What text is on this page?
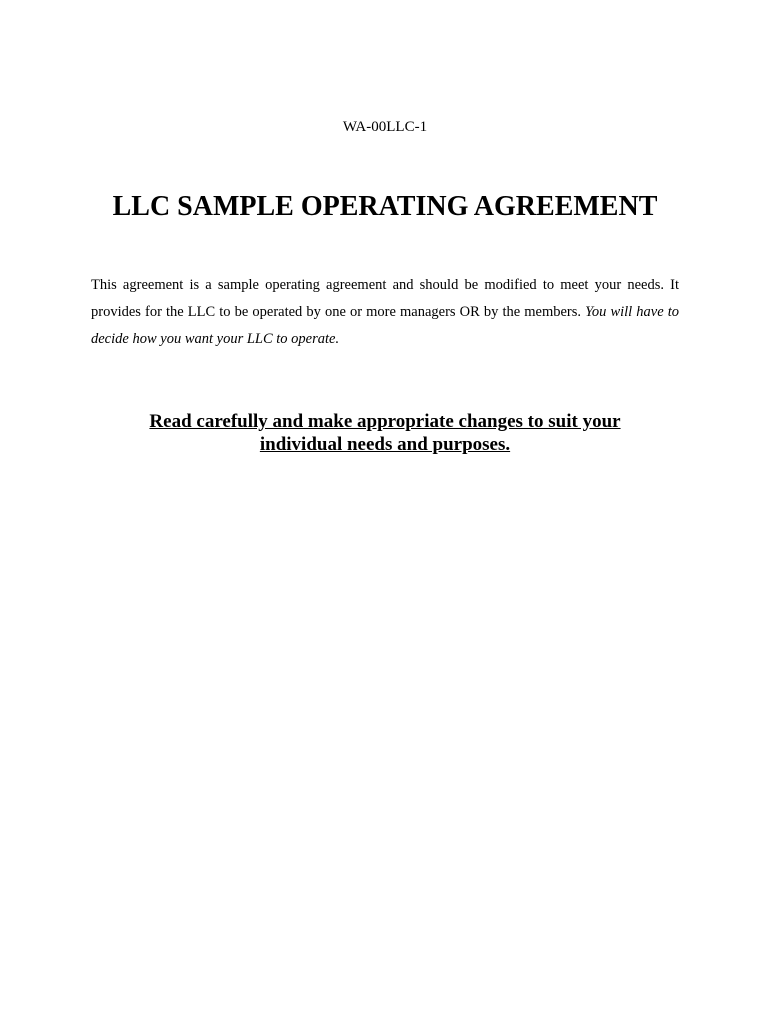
WA-00LLC-1
LLC SAMPLE OPERATING AGREEMENT

This agreement is a sample operating agreement and should be modified to meet your needs. It provides for the LLC to be operated by one or more managers OR by the members. You will have to decide how you want your LLC to operate.

Read carefully and make appropriate changes to suit your individual needs and purposes.
